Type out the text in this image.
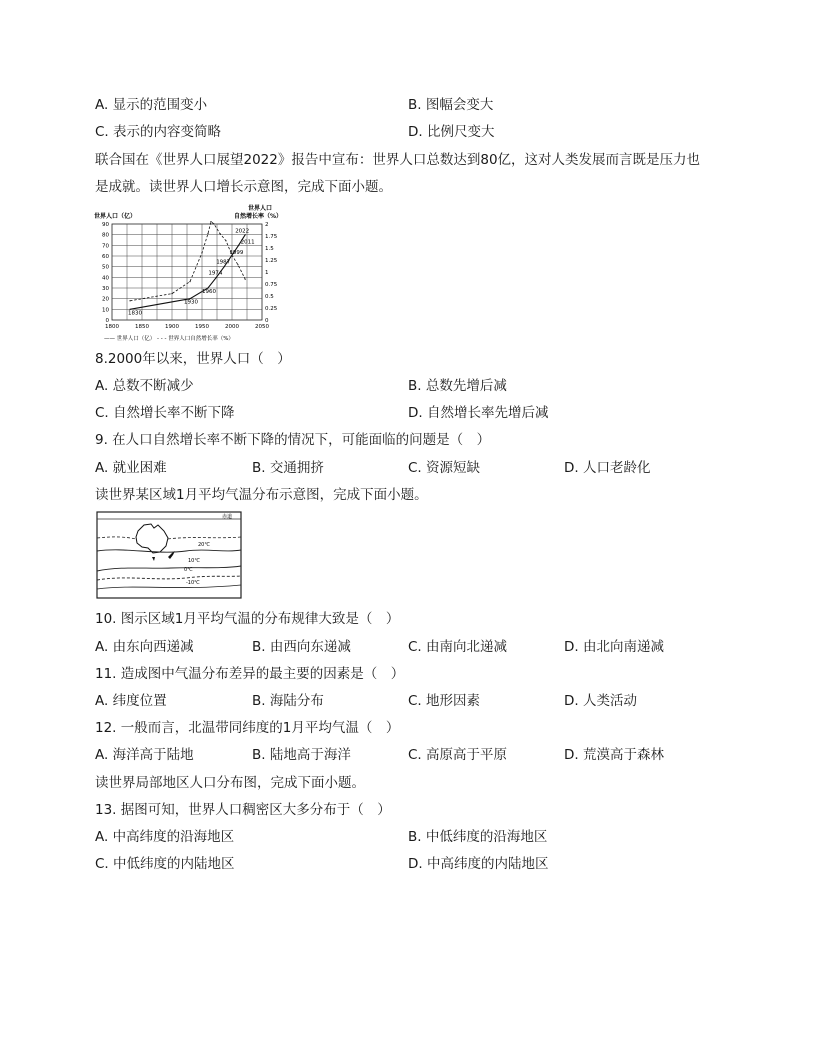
A. 显示的范围变小	B. 图幅会变大
C. 表示的内容变简略	D. 比例尺变大
联合国在《世界人口展望2022》报告中宣布：世界人口总数达到80亿，这对人类发展而言既是压力也
是成就。读世界人口增长示意图，完成下面小题。
世界人口（亿）
世界人口
自然增长率（%）
90
80
70
60
50
40
30
20
10
0
2
1.75
1.5
1.25
1
0.75
0.5
0.25
0
1800	1850	1900	1950	2000	2050
1830
1930
1960
1974
1987
1999
2011
2022
—— 世界人口（亿） - - - 世界人口自然增长率（%）
8.2000年以来，世界人口（　）
A. 总数不断减少	B. 总数先增后减
C. 自然增长率不断下降	D. 自然增长率先增后减
9. 在人口自然增长率不断下降的情况下，可能面临的问题是（　）
A. 就业困难	B. 交通拥挤	C. 资源短缺	D. 人口老龄化
读世界某区域1月平均气温分布示意图，完成下面小题。
赤道
20℃
10℃
0℃
-10℃
10. 图示区域1月平均气温的分布规律大致是（　）
A. 由东向西递减	B. 由西向东递减	C. 由南向北递减	D. 由北向南递减
11. 造成图中气温分布差异的最主要的因素是（　）
A. 纬度位置	B. 海陆分布	C. 地形因素	D. 人类活动
12. 一般而言，北温带同纬度的1月平均气温（　）
A. 海洋高于陆地	B. 陆地高于海洋	C. 高原高于平原	D. 荒漠高于森林
读世界局部地区人口分布图，完成下面小题。
13. 据图可知，世界人口稠密区大多分布于（　）
A. 中高纬度的沿海地区	B. 中低纬度的沿海地区
C. 中低纬度的内陆地区	D. 中高纬度的内陆地区
